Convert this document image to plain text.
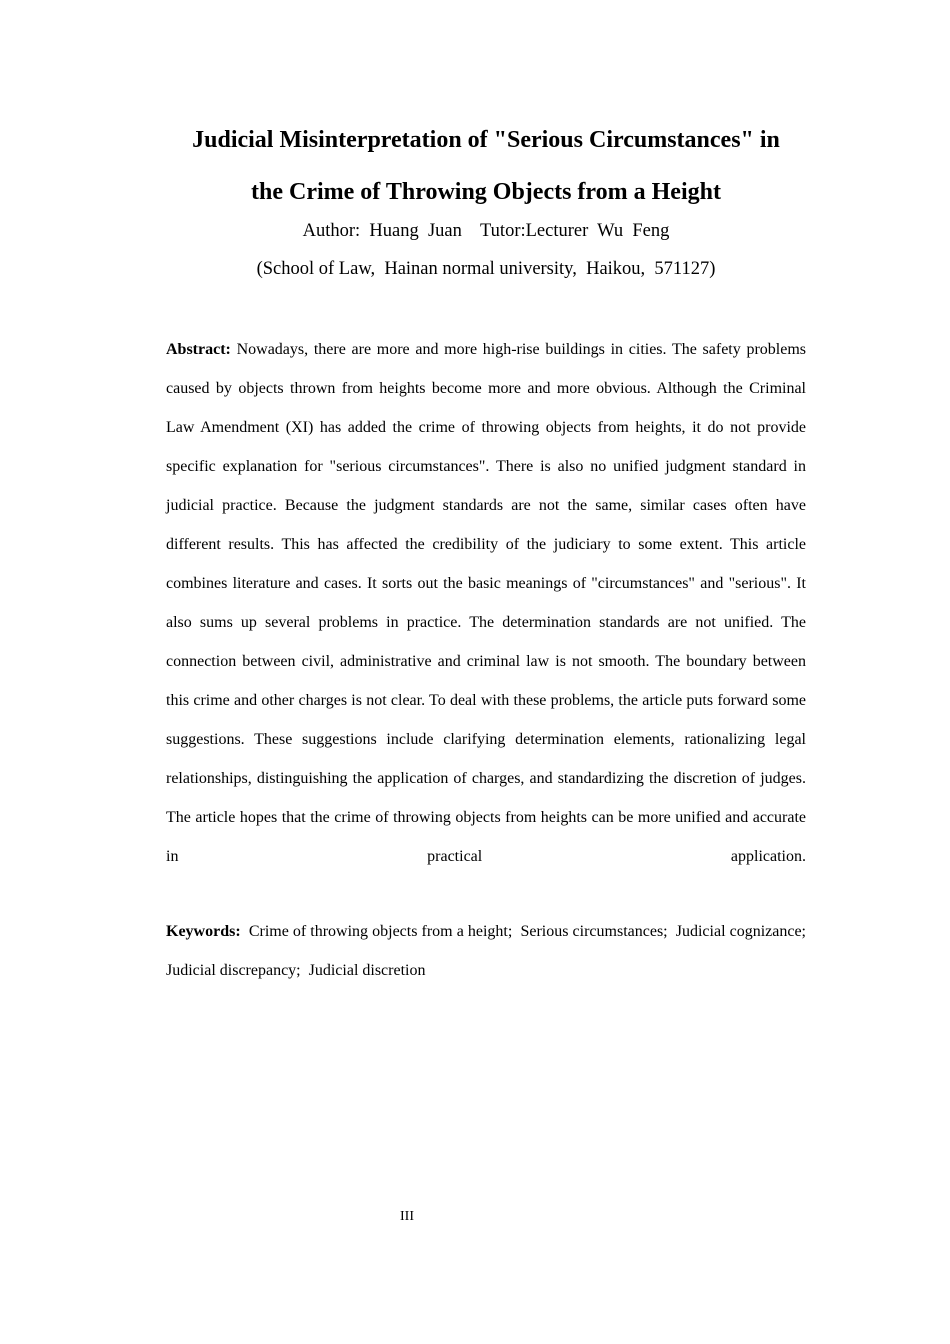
Judicial Misinterpretation of "Serious Circumstances" in
the Crime of Throwing Objects from a Height
Author:  Huang  Juan    Tutor:Lecturer  Wu  Feng
(School of Law,  Hainan normal university,  Haikou,  571127)
Abstract: Nowadays, there are more and more high-rise buildings in cities. The safety problems caused by objects thrown from heights become more and more obvious. Although the Criminal Law Amendment (XI) has added the crime of throwing objects from heights, it do not provide specific explanation for "serious circumstances". There is also no unified judgment standard in judicial practice. Because the judgment standards are not the same, similar cases often have different results. This has affected the credibility of the judiciary to some extent. This article combines literature and cases. It sorts out the basic meanings of "circumstances" and "serious". It also sums up several problems in practice. The determination standards are not unified. The connection between civil, administrative and criminal law is not smooth. The boundary between this crime and other charges is not clear. To deal with these problems, the article puts forward some suggestions. These suggestions include clarifying determination elements, rationalizing legal relationships, distinguishing the application of charges, and standardizing the discretion of judges. The article hopes that the crime of throwing objects from heights can be more unified and accurate in practical application.
Keywords: Crime of throwing objects from a height;  Serious circumstances;  Judicial cognizance;  Judicial discrepancy;  Judicial discretion
III
